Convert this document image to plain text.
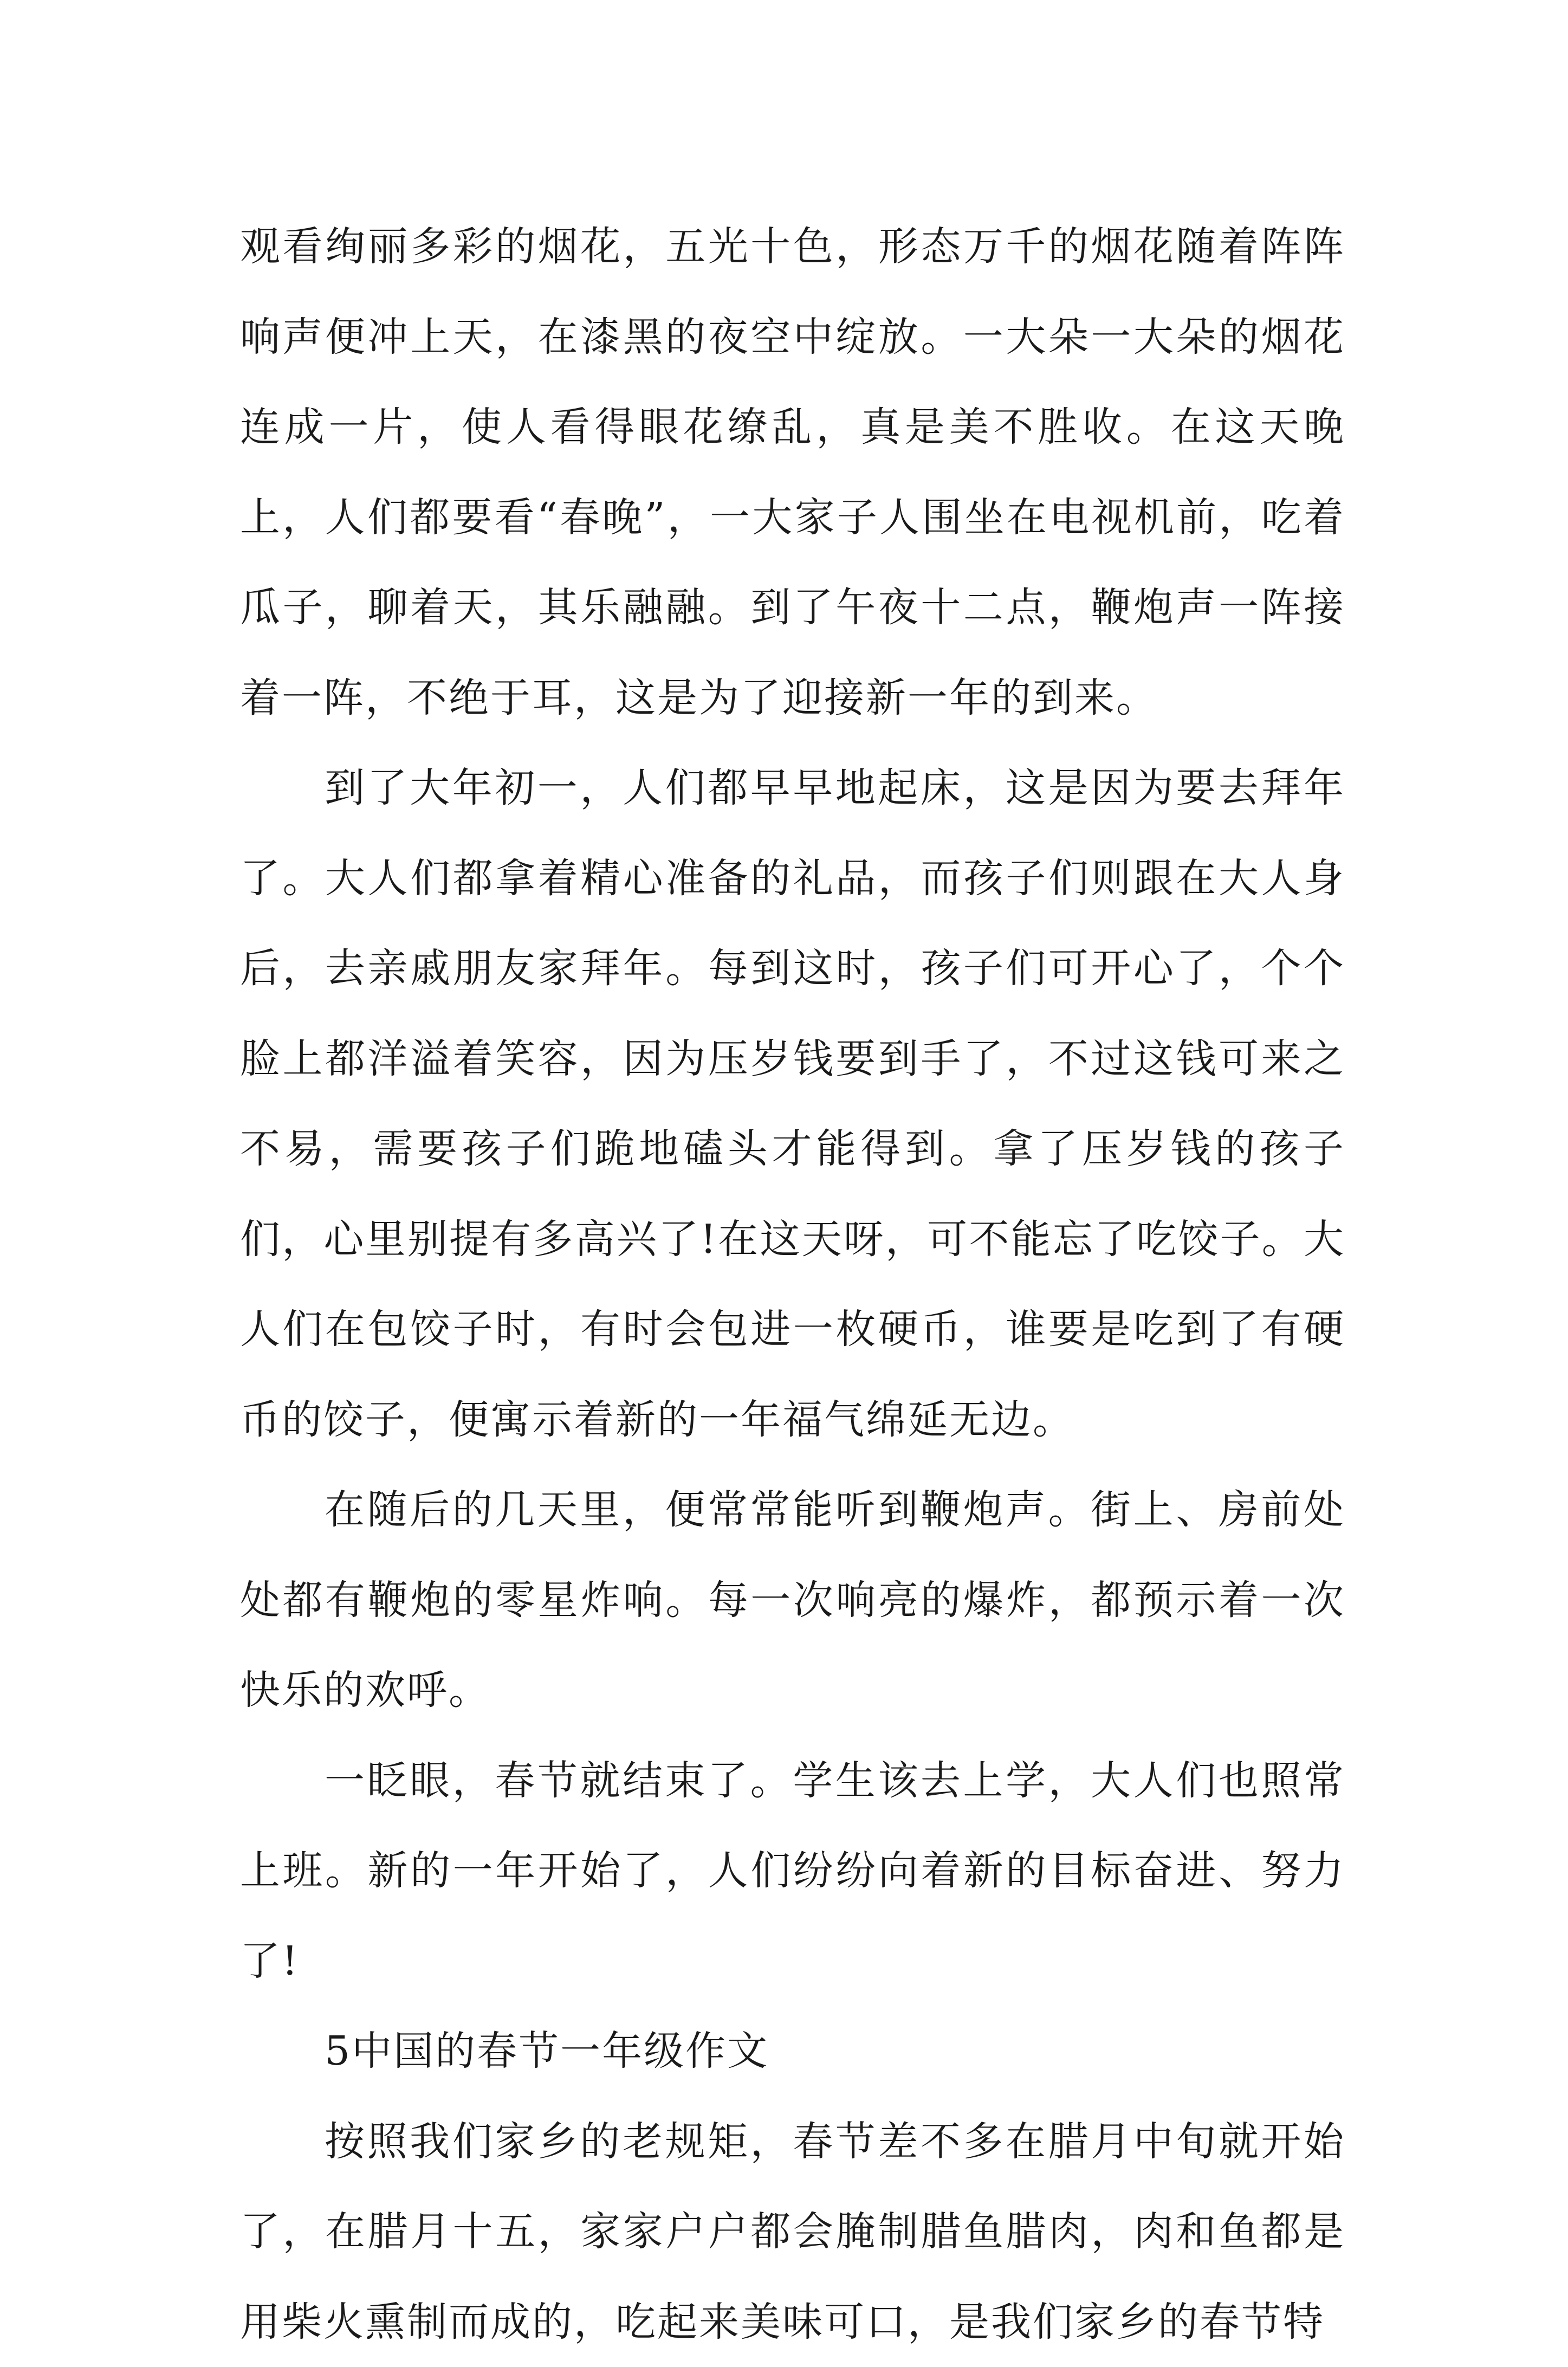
观看绚丽多彩的烟花，五光十色，形态万千的烟花随着阵阵响声便冲上天，在漆黑的夜空中绽放。一大朵一大朵的烟花连成一片，使人看得眼花缭乱，真是美不胜收。在这天晚上，人们都要看“春晚”，一大家子人围坐在电视机前，吃着瓜子，聊着天，其乐融融。到了午夜十二点，鞭炮声一阵接着一阵，不绝于耳，这是为了迎接新一年的到来。

到了大年初一，人们都早早地起床，这是因为要去拜年了。大人们都拿着精心准备的礼品，而孩子们则跟在大人身后，去亲戚朋友家拜年。每到这时，孩子们可开心了，个个脸上都洋溢着笑容，因为压岁钱要到手了，不过这钱可来之不易，需要孩子们跪地磕头才能得到。拿了压岁钱的孩子们，心里别提有多高兴了!在这天呀，可不能忘了吃饺子。大人们在包饺子时，有时会包进一枚硬币，谁要是吃到了有硬币的饺子，便寓示着新的一年福气绵延无边。

在随后的几天里，便常常能听到鞭炮声。街上、房前处处都有鞭炮的零星炸响。每一次响亮的爆炸，都预示着一次快乐的欢呼。

一眨眼，春节就结束了。学生该去上学，大人们也照常上班。新的一年开始了，人们纷纷向着新的目标奋进、努力了!

5中国的春节一年级作文

按照我们家乡的老规矩，春节差不多在腊月中旬就开始了，在腊月十五，家家户户都会腌制腊鱼腊肉，肉和鱼都是用柴火熏制而成的，吃起来美味可口，是我们家乡的春节特
